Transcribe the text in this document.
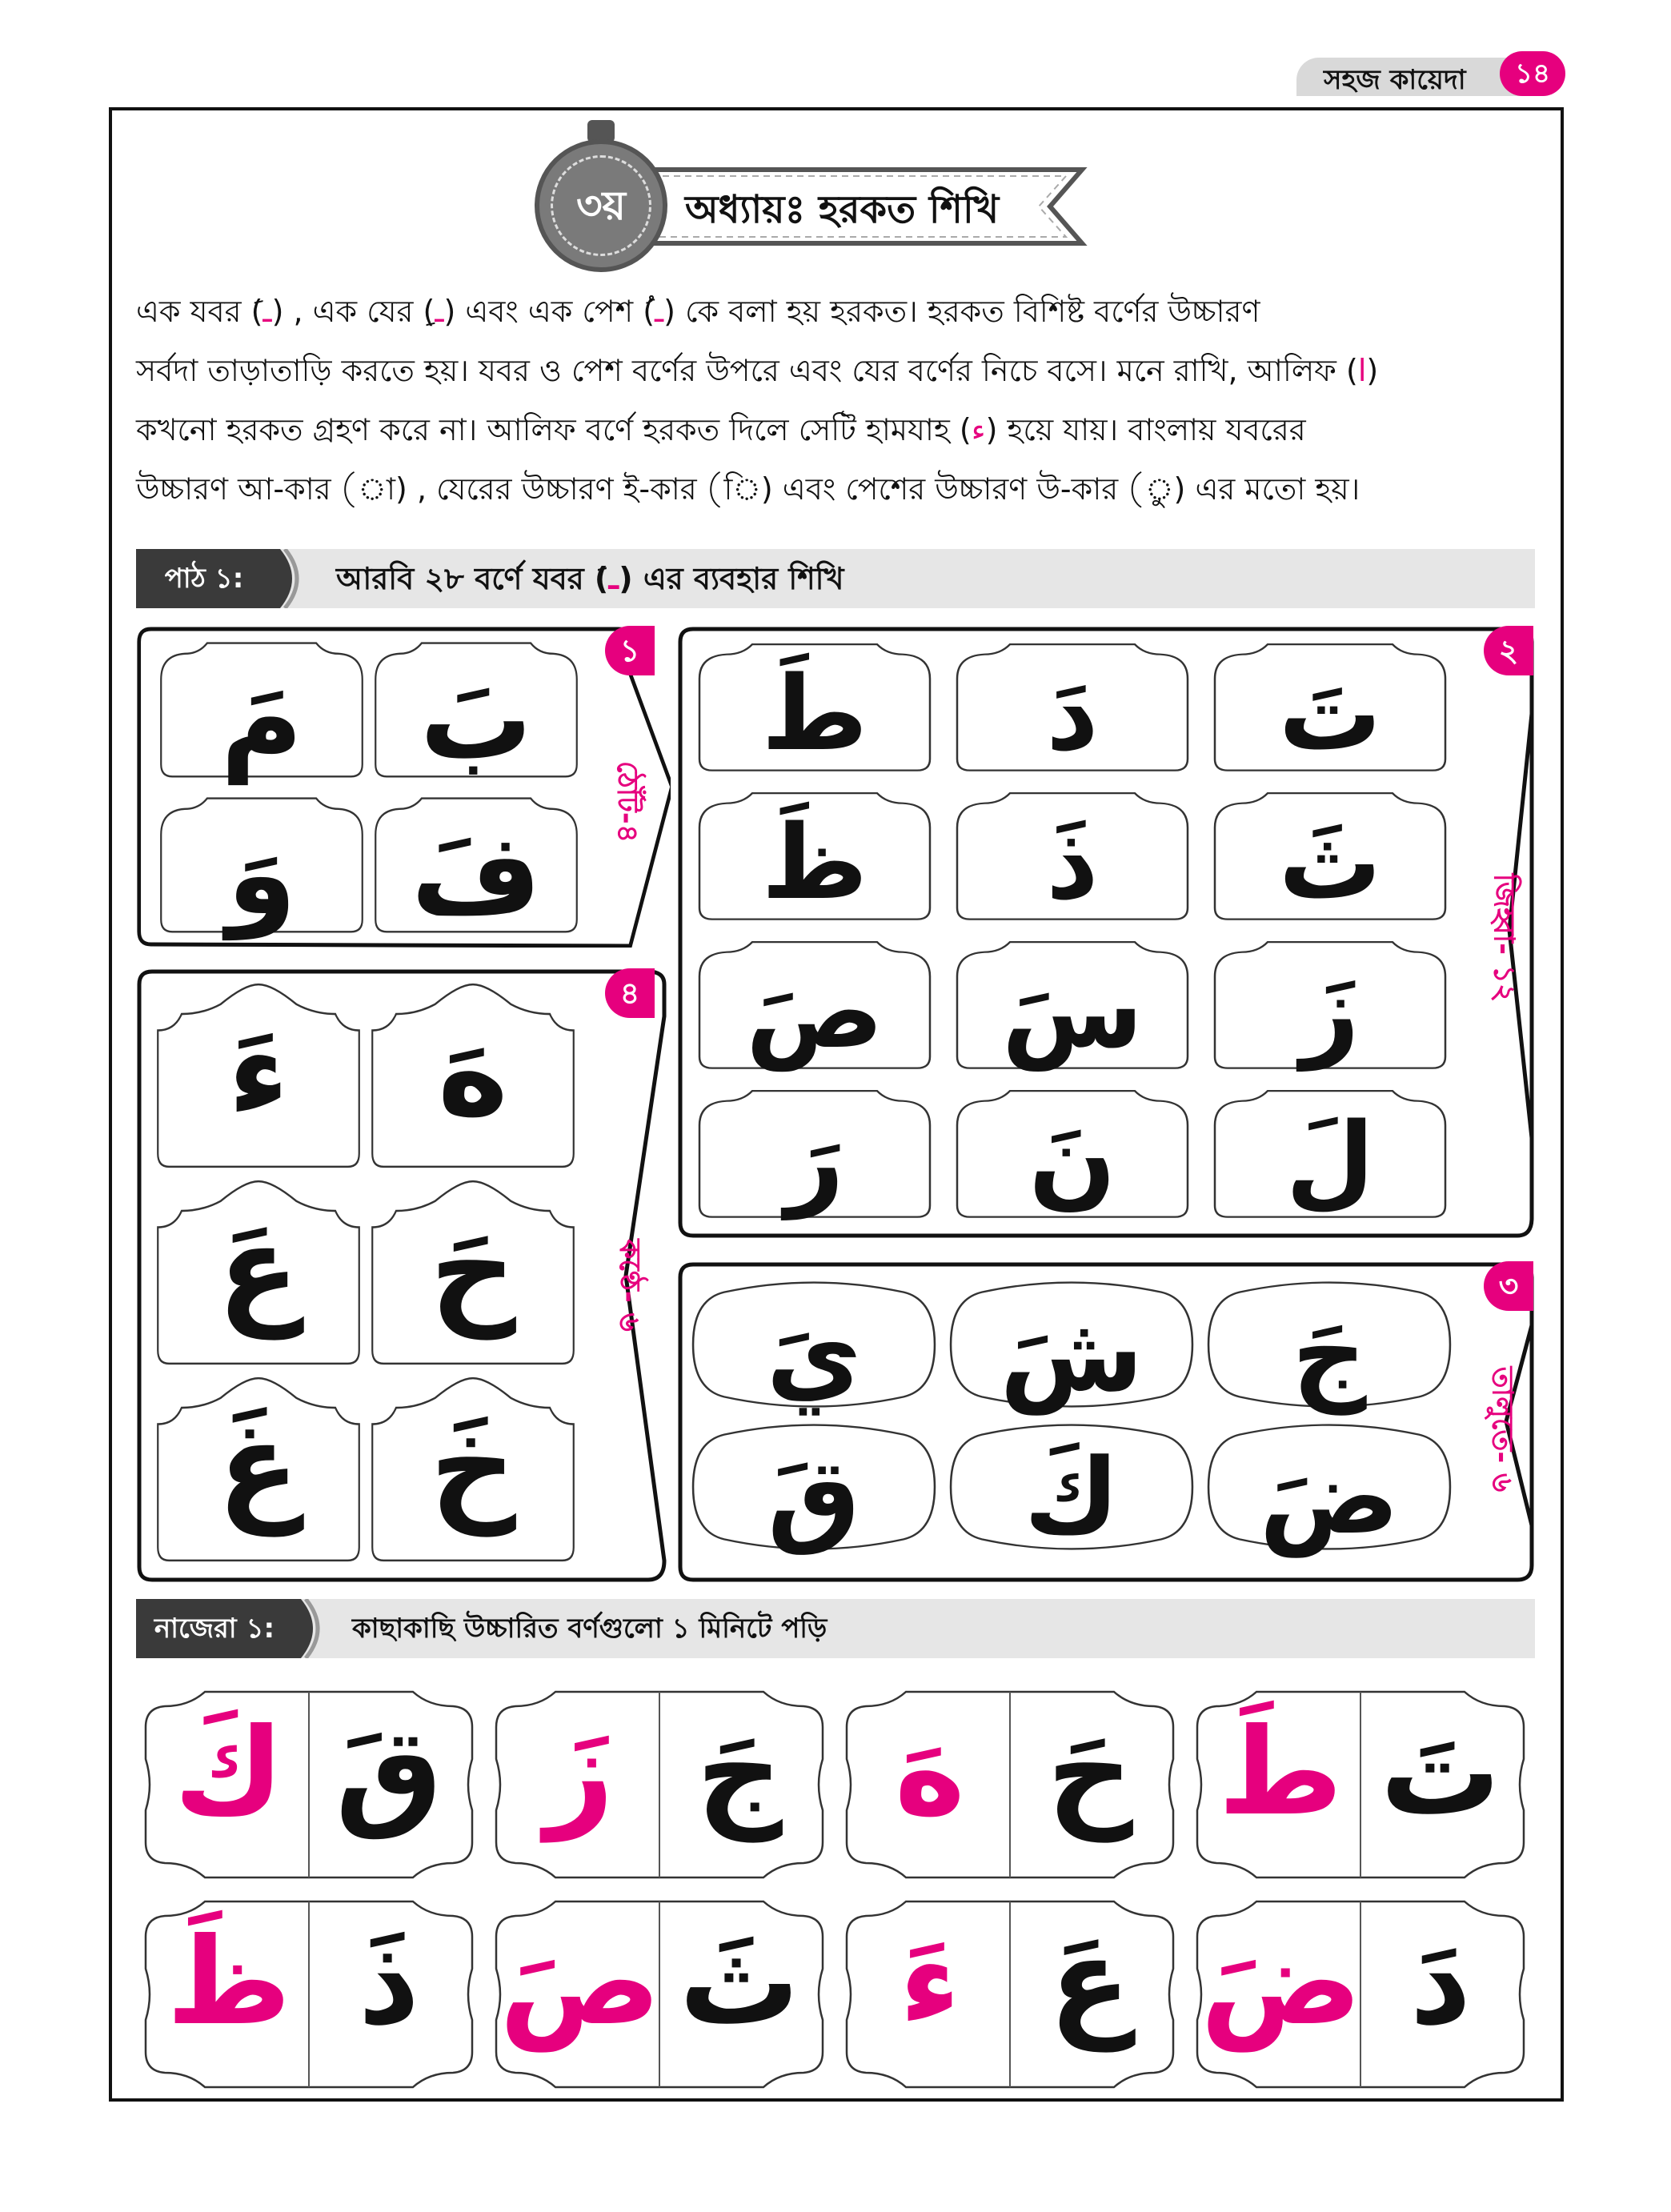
সহজ কায়েদা	১৪
অধ্যায়ঃ হরকত শিখি
৩য়

এক যবর (َـ) , এক যের (ِـ) এবং এক পেশ (ُـ) কে বলা হয় হরকত। হরকত বিশিষ্ট বর্ণের উচ্চারণ

সর্বদা তাড়াতাড়ি করতে হয়। যবর ও পেশ বর্ণের উপরে এবং যের বর্ণের নিচে বসে। মনে রাখি, আলিফ (ا)

কখনো হরকত গ্রহণ করে না। আলিফ বর্ণে হরকত দিলে সেটি হামযাহ (ء) হয়ে যায়। বাংলায় যবরের

উচ্চারণ আ-কার () , যেরের উচ্চারণ ই-কার () এবং পেশের উচ্চারণ উ-কার () এর মতো হয়।

পাঠ ১:	আরবি ২৮ বর্ণে যবর (َـ) এর ব্যবহার শিখি
১
ঠোঁট-৪
২
জিহ্বা- ১২
৩
তালুতে- ৬
৪
কণ্ঠে- ৬
নাজেরা ১:	কাছাকাছি উচ্চারিত বর্ণগুলো ১ মিনিটে পড়ি
بَ
مَ
فَ
وَ
تَ
دَ
طَ
ثَ
ذَ
ظَ
زَ
سَ
صَ
لَ
نَ
رَ
جَ
شَ
يَ
ضَ
كَ
قَ
هَ
ءَ
حَ
عَ
خَ
غَ
طَ تَ
هَ حَ
زَ جَ
كَ قَ
ضَ دَ
ءَ عَ
صَ ثَ
ظَ ذَ
